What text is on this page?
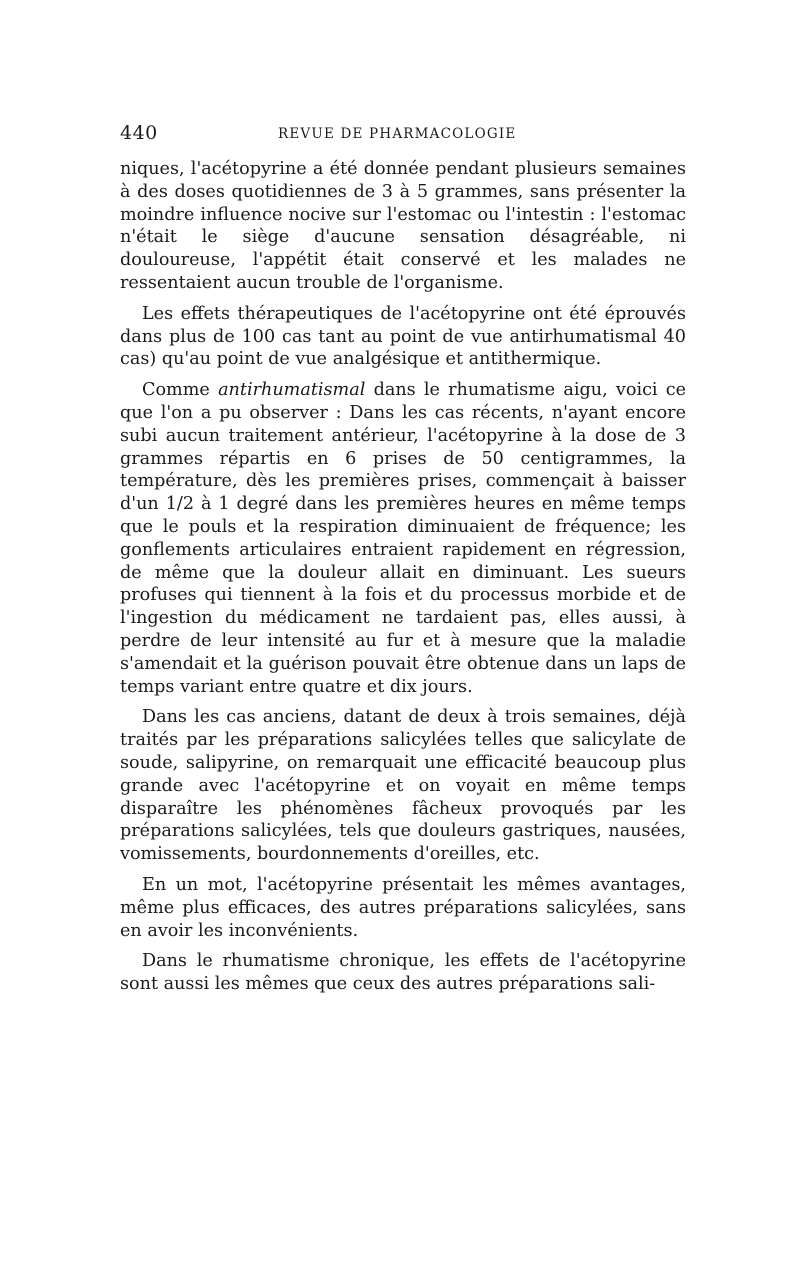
440	REVUE DE PHARMACOLOGIE

niques, l'acétopyrine a été donnée pendant plusieurs semaines à des doses quotidiennes de 3 à 5 grammes, sans présenter la moindre influence nocive sur l'estomac ou l'intestin : l'estomac n'était le siège d'aucune sensation désagréable, ni douloureuse, l'appétit était conservé et les malades ne ressentaient aucun trouble de l'organisme.

Les effets thérapeutiques de l'acétopyrine ont été éprouvés dans plus de 100 cas tant au point de vue antirhumatismal 40 cas) qu'au point de vue analgésique et antithermique.

Comme antirhumatismal dans le rhumatisme aigu, voici ce que l'on a pu observer : Dans les cas récents, n'ayant encore subi aucun traitement antérieur, l'acétopyrine à la dose de 3 grammes répartis en 6 prises de 50 centigrammes, la température, dès les premières prises, commençait à baisser d'un 1/2 à 1 degré dans les premières heures en même temps que le pouls et la respiration diminuaient de fréquence; les gonflements articulaires entraient rapidement en régression, de même que la douleur allait en diminuant. Les sueurs profuses qui tiennent à la fois et du processus morbide et de l'ingestion du médicament ne tardaient pas, elles aussi, à perdre de leur intensité au fur et à mesure que la maladie s'amendait et la guérison pouvait être obtenue dans un laps de temps variant entre quatre et dix jours.

Dans les cas anciens, datant de deux à trois semaines, déjà traités par les préparations salicylées telles que salicylate de soude, salipyrine, on remarquait une efficacité beaucoup plus grande avec l'acétopyrine et on voyait en même temps disparaître les phénomènes fâcheux provoqués par les préparations salicylées, tels que douleurs gastriques, nausées, vomissements, bourdonnements d'oreilles, etc.

En un mot, l'acétopyrine présentait les mêmes avantages, même plus efficaces, des autres préparations salicylées, sans en avoir les inconvénients.

Dans le rhumatisme chronique, les effets de l'acétopyrine sont aussi les mêmes que ceux des autres préparations sali-
